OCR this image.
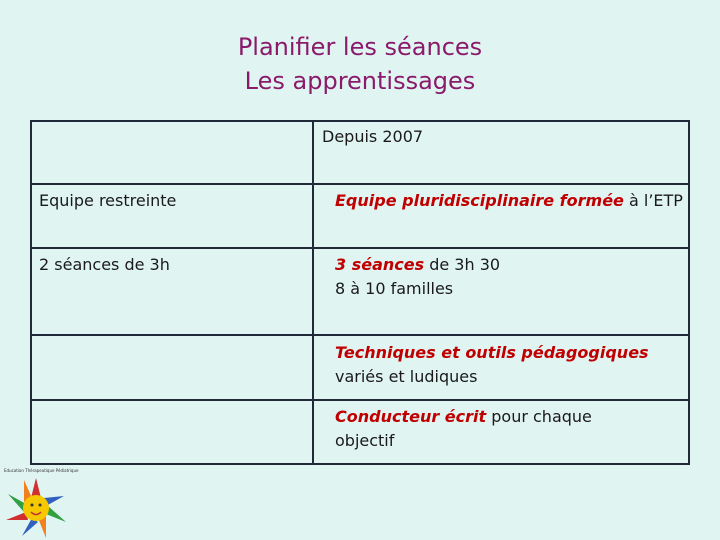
Planifier les séances
Les apprentissages
Depuis 2007
Equipe restreinte	Equipe pluridisciplinaire formée à l’ETP
2 séances de 3h	3 séances de 3h 30
8 à 10 familles
Techniques et outils pédagogiques
variés et ludiques
Conducteur écrit pour chaque objectif
Education Thérapeutique Pédiatrique
